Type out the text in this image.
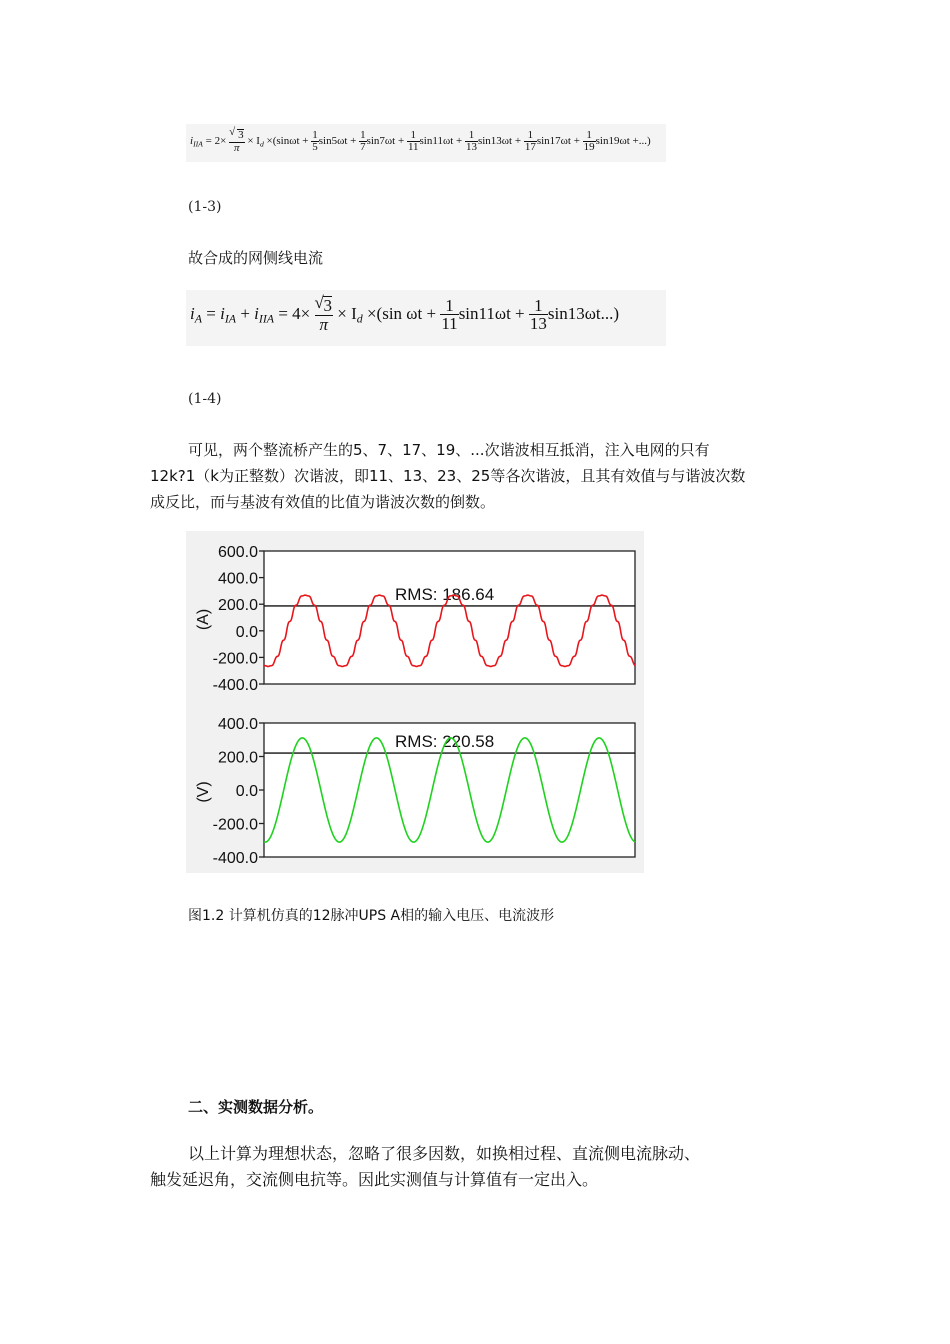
$i_{IIA} = 2\times$ √ $\frac{3}{\pi} \times I_d \times(\sin\omega t + \frac{1}{5} \sin 5\omega t + \frac{1}{7} \sin 7\omega t + \frac{1}{11} \sin 11\omega t + \frac{1}{13} \sin 13\omega t + \frac{1}{17} \sin 17\omega t + \frac{1}{19} \sin 19\omega t$ +...)
(1-3)
故合成的网侧线电流
$i_A = i_{IA} + i_{IIA} = 4\times$ √ $\frac{3}{\pi} \times I_d \times(\sin$ $\omega t + \frac{1}{11} \sin 11\omega t + \frac{1}{13} \sin 13\omega t$...)
(1-4)
可见，两个整流桥产生的5、7、17、19、...次谐波相互抵消，注入电网的只有
12k?1（k为正整数）次谐波，即11、13、23、25等各次谐波，且其有效值与与谐波次数
成反比，而与基波有效值的比值为谐波次数的倒数。
600.0
400.0
200.0
0.0
-200.0
-400.0
(A)
RMS: 186.64
400.0
200.0
0.0
-200.0
-400.0
(V)
RMS: 220.58
图1.2 计算机仿真的12脉冲UPS A相的输入电压、电流波形
二、实测数据分析。
以上计算为理想状态，忽略了很多因数，如换相过程、直流侧电流脉动、
触发延迟角，交流侧电抗等。因此实测值与计算值有一定出入。
